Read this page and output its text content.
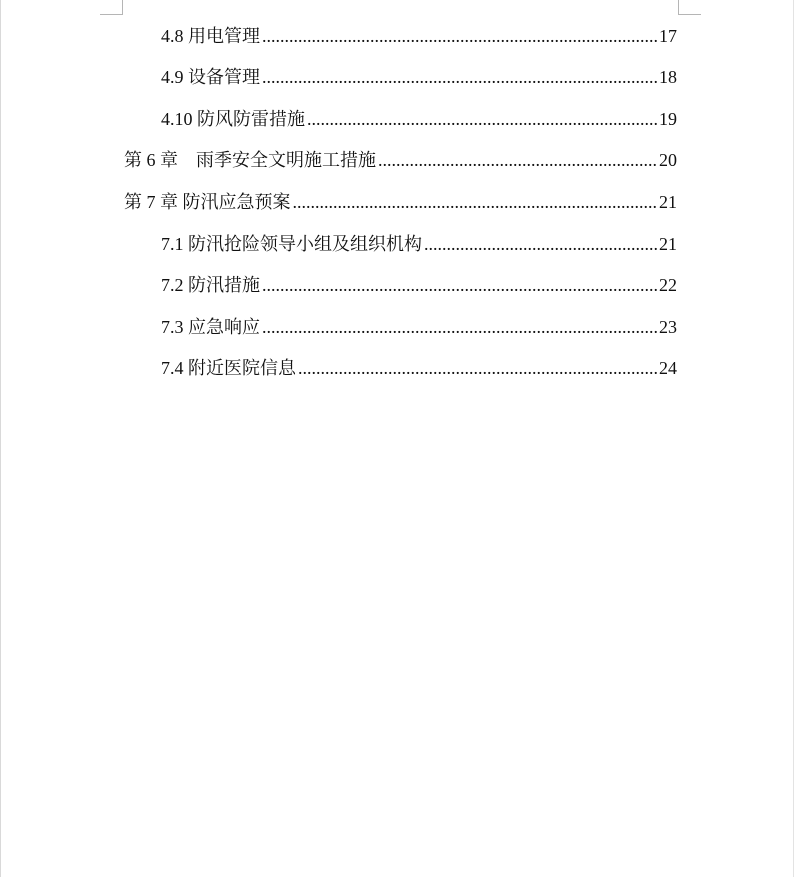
4.8 用电管理 .....	17
4.9 设备管理 .....	18
4.10 防风防雷措施 .....	19
第 6 章　雨季安全文明施工措施 .....	20
第 7 章 防汛应急预案 .....	21
7.1 防汛抢险领导小组及组织机构 .....	21
7.2 防汛措施 .....	22
7.3 应急响应 .....	23
7.4 附近医院信息 .....	24
